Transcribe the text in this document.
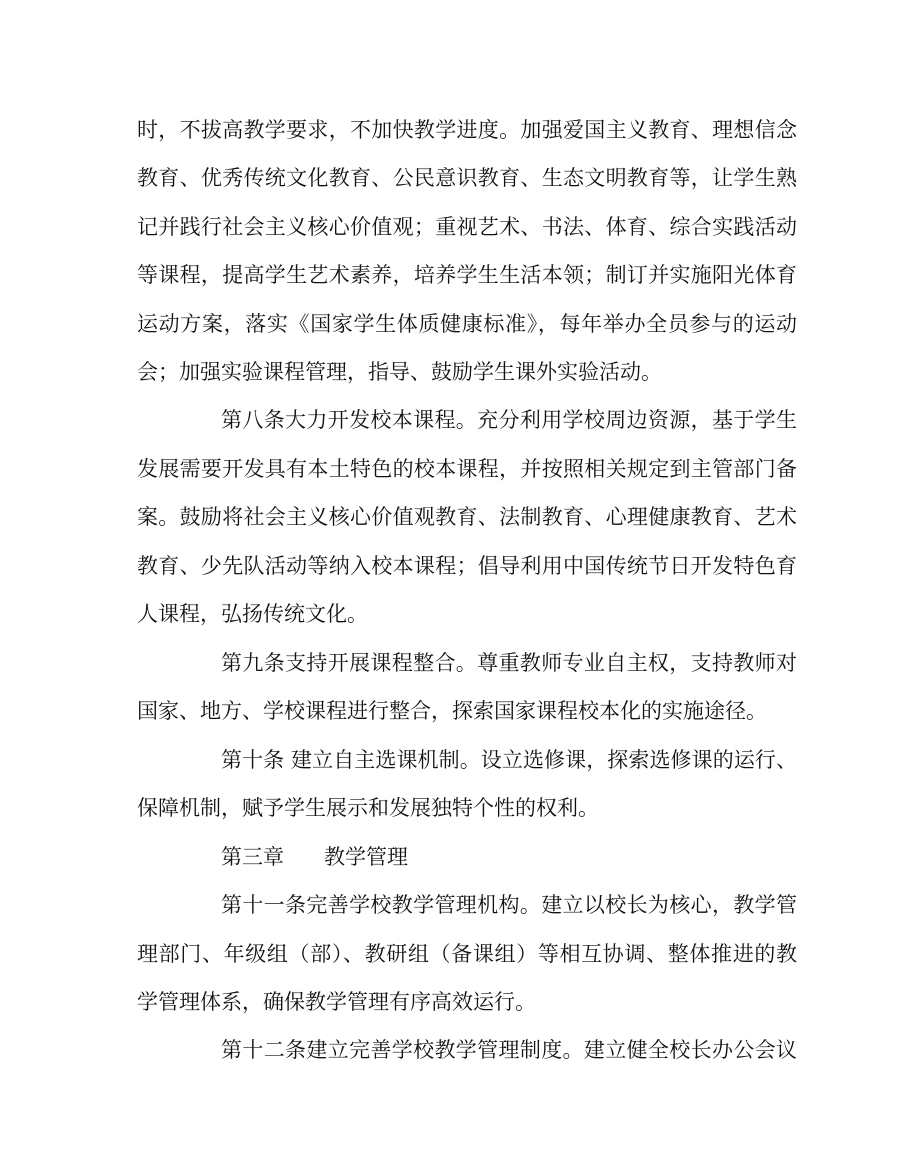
时，不拔高教学要求，不加快教学进度。加强爱国主义教育、理想信念
教育、优秀传统文化教育、公民意识教育、生态文明教育等，让学生熟
记并践行社会主义核心价值观；重视艺术、书法、体育、综合实践活动
等课程，提高学生艺术素养，培养学生生活本领；制订并实施阳光体育
运动方案，落实《国家学生体质健康标准》，每年举办全员参与的运动
会；加强实验课程管理，指导、鼓励学生课外实验活动。
第八条大力开发校本课程。充分利用学校周边资源，基于学生
发展需要开发具有本土特色的校本课程，并按照相关规定到主管部门备
案。鼓励将社会主义核心价值观教育、法制教育、心理健康教育、艺术
教育、少先队活动等纳入校本课程；倡导利用中国传统节日开发特色育
人课程，弘扬传统文化。
第九条支持开展课程整合。尊重教师专业自主权，支持教师对
国家、地方、学校课程进行整合，探索国家课程校本化的实施途径。
第十条 建立自主选课机制。设立选修课，探索选修课的运行、
保障机制，赋予学生展示和发展独特个性的权利。
第三章      教学管理
第十一条完善学校教学管理机构。建立以校长为核心，教学管
理部门、年级组（部）、教研组（备课组）等相互协调、整体推进的教
学管理体系，确保教学管理有序高效运行。
第十二条建立完善学校教学管理制度。建立健全校长办公会议
